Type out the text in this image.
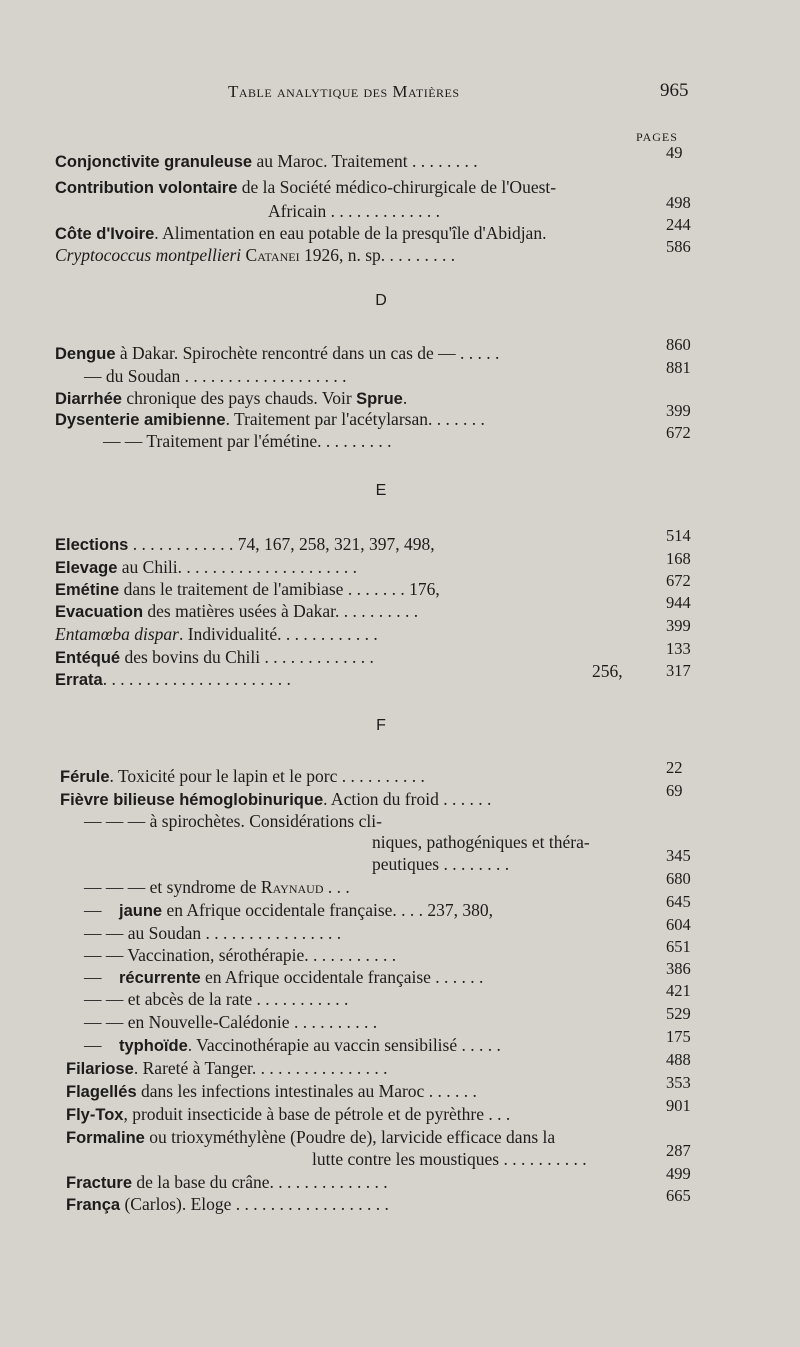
Table analytique des Matières	965
PAGES
Conjonctivite granuleuse au Maroc. Traitement . . . . . . . .	49
Contribution volontaire de la Société médico-chirurgicale de l'Ouest-
Africain . . . . . . . . . . . . .	498
Côte d'Ivoire. Alimentation en eau potable de la presqu'île d'Abidjan.	244
Cryptococcus montpellieri Catanei 1926, n. sp. . . . . . . . .	586
D
Dengue à Dakar. Spirochète rencontré dans un cas de — . . . . .	860
— du Soudan . . . . . . . . . . . . . . . . . . .	881
Diarrhée chronique des pays chauds. Voir Sprue.
Dysenterie amibienne. Traitement par l'acétylarsan. . . . . . .	399
— — Traitement par l'émétine. . . . . . . . .	672
E
Elections . . . . . . . . . . . . 74, 167, 258, 321, 397, 498,	514
Elevage au Chili. . . . . . . . . . . . . . . . . . . . .	168
Emétine dans le traitement de l'amibiase . . . . . . . 176,	672
Evacuation des matières usées à Dakar. . . . . . . . . .	944
Entamœba dispar. Individualité. . . . . . . . . . . .	399
Entéqué des bovins du Chili . . . . . . . . . . . . .	133
Errata. . . . . . . . . . . . . . . . . . . . . .	256,	317
F
Férule. Toxicité pour le lapin et le porc . . . . . . . . . .	22
Fièvre bilieuse hémoglobinurique. Action du froid . . . . . .	69
— — — à spirochètes. Considérations cli-
niques, pathogéniques et théra-
peutiques . . . . . . . .	345
— — — et syndrome de Raynaud . . .	680
— jaune en Afrique occidentale française. . . . 237, 380,	645
— — au Soudan . . . . . . . . . . . . . . . .	604
— — Vaccination, sérothérapie. . . . . . . . . . .	651
— récurrente en Afrique occidentale française . . . . . .	386
— — et abcès de la rate . . . . . . . . . . .	421
— — en Nouvelle-Calédonie . . . . . . . . . .	529
— typhoïde. Vaccinothérapie au vaccin sensibilisé . . . . .	175
Filariose. Rareté à Tanger. . . . . . . . . . . . . . . .	488
Flagellés dans les infections intestinales au Maroc . . . . . .	353
Fly-Tox, produit insecticide à base de pétrole et de pyrèthre . . .	901
Formaline ou trioxyméthylène (Poudre de), larvicide efficace dans la
lutte contre les moustiques . . . . . . . . . .	287
Fracture de la base du crâne. . . . . . . . . . . . . .	499
França (Carlos). Eloge . . . . . . . . . . . . . . . . . .	665
